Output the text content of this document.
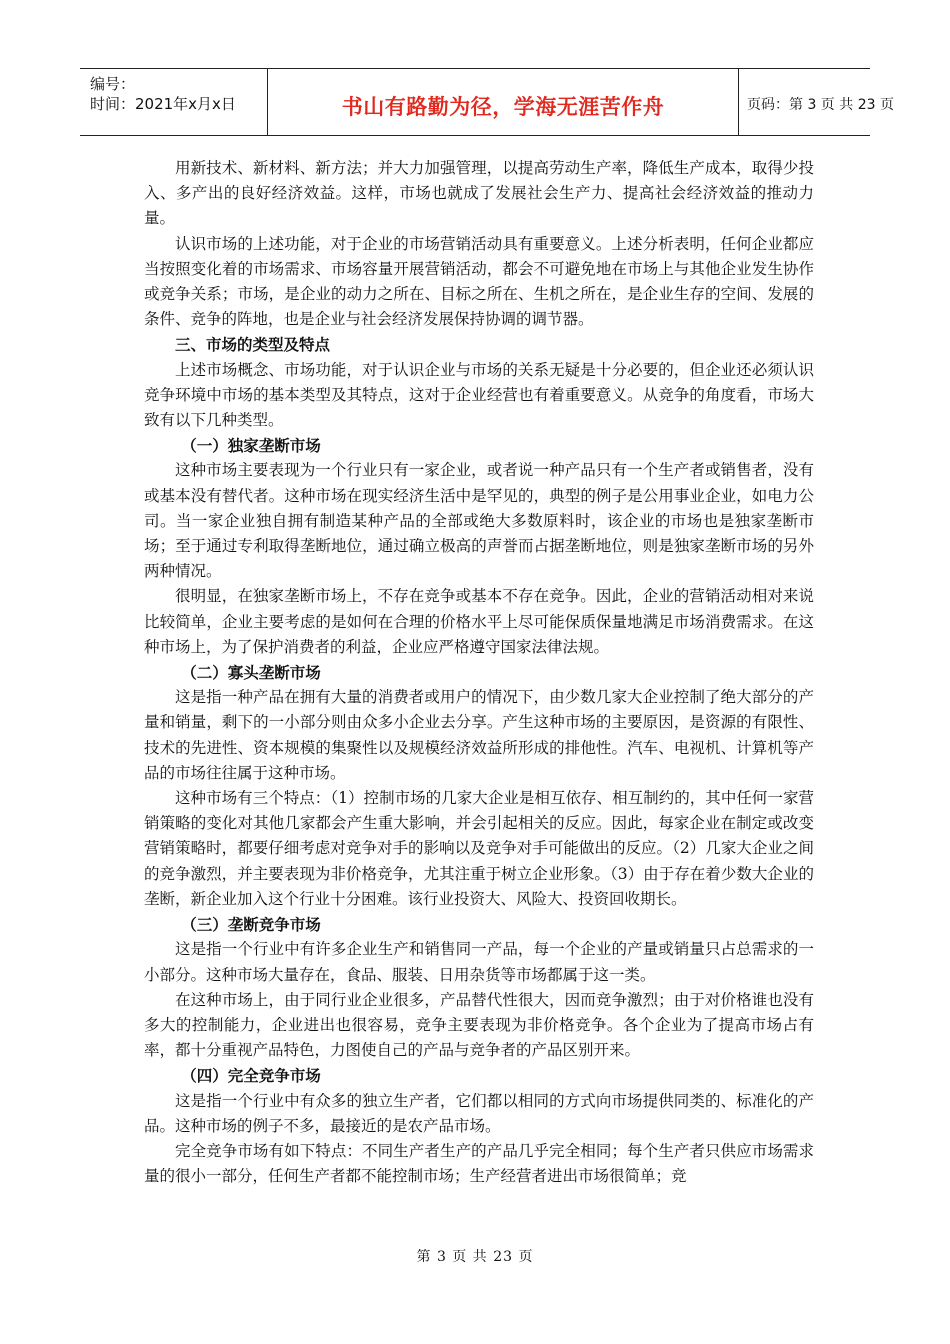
编号：
时间：2021年x月x日	书山有路勤为径，学海无涯苦作舟	页码：第 3 页 共 23 页

用新技术、新材料、新方法；并大力加强管理，以提高劳动生产率，降低生产成本，取得少投入、多产出的良好经济效益。这样，市场也就成了发展社会生产力、提高社会经济效益的推动力量。

认识市场的上述功能，对于企业的市场营销活动具有重要意义。上述分析表明，任何企业都应当按照变化着的市场需求、市场容量开展营销活动，都会不可避免地在市场上与其他企业发生协作或竞争关系；市场，是企业的动力之所在、目标之所在、生机之所在，是企业生存的空间、发展的条件、竞争的阵地，也是企业与社会经济发展保持协调的调节器。

三、市场的类型及特点

上述市场概念、市场功能，对于认识企业与市场的关系无疑是十分必要的，但企业还必须认识竞争环境中市场的基本类型及其特点，这对于企业经营也有着重要意义。从竞争的角度看，市场大致有以下几种类型。

（一）独家垄断市场

这种市场主要表现为一个行业只有一家企业，或者说一种产品只有一个生产者或销售者，没有或基本没有替代者。这种市场在现实经济生活中是罕见的，典型的例子是公用事业企业，如电力公司。当一家企业独自拥有制造某种产品的全部或绝大多数原料时，该企业的市场也是独家垄断市场；至于通过专利取得垄断地位，通过确立极高的声誉而占据垄断地位，则是独家垄断市场的另外两种情况。

很明显，在独家垄断市场上，不存在竞争或基本不存在竞争。因此，企业的营销活动相对来说比较简单，企业主要考虑的是如何在合理的价格水平上尽可能保质保量地满足市场消费需求。在这种市场上，为了保护消费者的利益，企业应严格遵守国家法律法规。

（二）寡头垄断市场

这是指一种产品在拥有大量的消费者或用户的情况下，由少数几家大企业控制了绝大部分的产量和销量，剩下的一小部分则由众多小企业去分享。产生这种市场的主要原因，是资源的有限性、技术的先进性、资本规模的集聚性以及规模经济效益所形成的排他性。汽车、电视机、计算机等产品的市场往往属于这种市场。

这种市场有三个特点：（1）控制市场的几家大企业是相互依存、相互制约的，其中任何一家营销策略的变化对其他几家都会产生重大影响，并会引起相关的反应。因此，每家企业在制定或改变营销策略时，都要仔细考虑对竞争对手的影响以及竞争对手可能做出的反应。（2）几家大企业之间的竞争激烈，并主要表现为非价格竞争，尤其注重于树立企业形象。（3）由于存在着少数大企业的垄断，新企业加入这个行业十分困难。该行业投资大、风险大、投资回收期长。

（三）垄断竞争市场

这是指一个行业中有许多企业生产和销售同一产品，每一个企业的产量或销量只占总需求的一小部分。这种市场大量存在，食品、服装、日用杂货等市场都属于这一类。

在这种市场上，由于同行业企业很多，产品替代性很大，因而竞争激烈；由于对价格谁也没有多大的控制能力，企业进出也很容易，竞争主要表现为非价格竞争。各个企业为了提高市场占有率，都十分重视产品特色，力图使自己的产品与竞争者的产品区别开来。

（四）完全竞争市场

这是指一个行业中有众多的独立生产者，它们都以相同的方式向市场提供同类的、标准化的产品。这种市场的例子不多，最接近的是农产品市场。

完全竞争市场有如下特点：不同生产者生产的产品几乎完全相同；每个生产者只供应市场需求量的很小一部分，任何生产者都不能控制市场；生产经营者进出市场很简单；竞

第 3 页 共 23 页
